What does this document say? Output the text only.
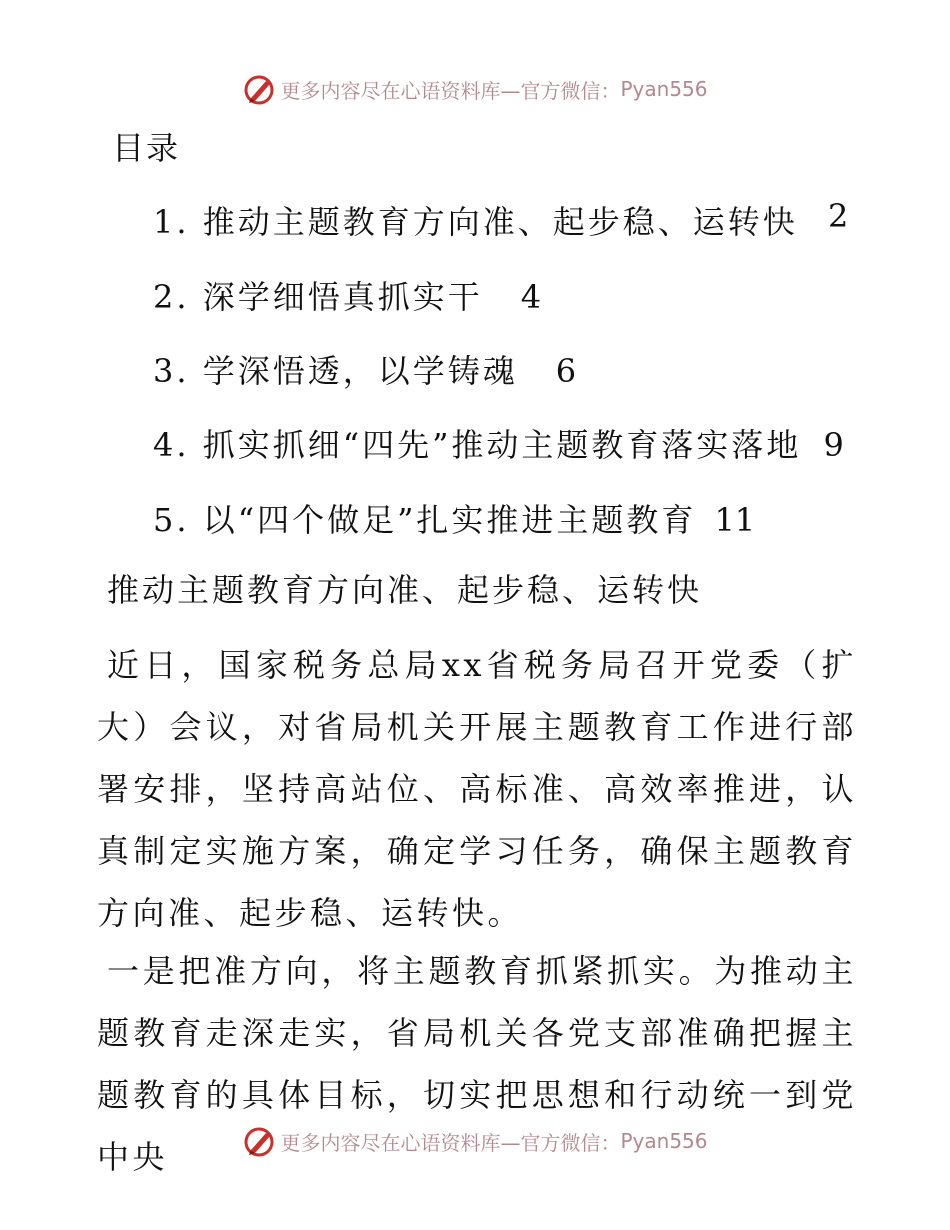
更多内容尽在心语资料库—官方微信： Pyan556
目录
1. 推动主题教育方向准、起步稳、运转快 2
2. 深学细悟真抓实干 4
3. 学深悟透，以学铸魂 6
4. 抓实抓细“四先”推动主题教育落实落地 9
5. 以“四个做足”扎实推进主题教育 11
推动主题教育方向准、起步稳、运转快

近日，国家税务总局xx省税务局召开党委（扩大）会议，对省局机关开展主题教育工作进行部署安排，坚持高站位、高标准、高效率推进，认真制定实施方案，确定学习任务，确保主题教育方向准、起步稳、运转快。

一是把准方向，将主题教育抓紧抓实。为推动主题教育走深走实，省局机关各党支部准确把握主题教育的具体目标，切实把思想和行动统一到党中央	更多内容尽在心语资料库—官方微信： Pyan556
